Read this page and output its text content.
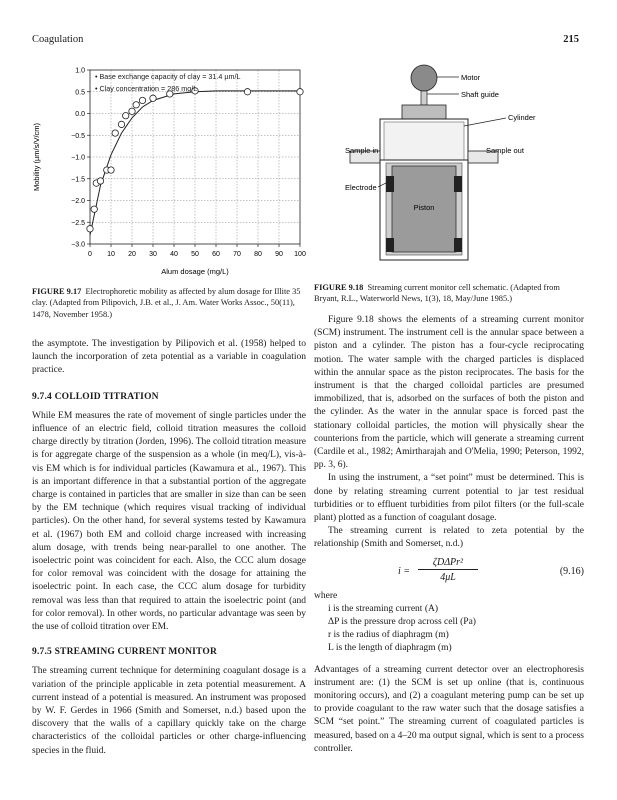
Coagulation	215
1.0
0.5
0.0
−0.5
−1.0
−1.5
−2.0
−2.5
−3.0
0 10 20 30 40 50 60 70 80 90 100
Mobility (µm/s/V/cm)
Alum dosage (mg/L)
• Base exchange capacity of clay = 31.4 µm/L
• Clay concentration = 286 mg/L
FIGURE 9.17 Electrophoretic mobility as affected by alum dosage for Illite 35 clay. (Adapted from Pilipovich, J.B. et al., J. Am. Water Works Assoc., 50(11), 1478, November 1958.)
Motor
Shaft guide
Cylinder
Sample in	Sample out
Electrode
Piston
FIGURE 9.18 Streaming current monitor cell schematic. (Adapted from Bryant, R.L., Waterworld News, 1(3), 18, May/June 1985.)

the asymptote. The investigation by Pilipovich et al. (1958) helped to launch the incorporation of zeta potential as a variable in coagulation practice.

9.7.4 COLLOID TITRATION

While EM measures the rate of movement of single particles under the influence of an electric field, colloid titration measures the colloid charge directly by titration (Jorden, 1996). The colloid titration measure is for aggregate charge of the suspension as a whole (in meq/L), vis-à-vis EM which is for individual particles (Kawamura et al., 1967). This is an important difference in that a substantial portion of the aggregate charge is contained in particles that are smaller in size than can be seen by the EM technique (which requires visual tracking of individual particles). On the other hand, for several systems tested by Kawamura et al. (1967) both EM and colloid charge increased with increasing alum dosage, with trends being near-parallel to one another. The isoelectric point was coincident for each. Also, the CCC alum dosage for color removal was coincident with the dosage for attaining the isoelectric point. In each case, the CCC alum dosage for turbidity removal was less than that required to attain the isoelectric point (and for color removal). In other words, no particular advantage was seen by the use of colloid titration over EM.

9.7.5 STREAMING CURRENT MONITOR

The streaming current technique for determining coagulant dosage is a variation of the principle applicable in zeta potential measurement. A current instead of a potential is measured. An instrument was proposed by W. F. Gerdes in 1966 (Smith and Somerset, n.d.) based upon the discovery that the walls of a capillary quickly take on the charge characteristics of the colloidal particles or other charge-influencing species in the fluid.

Figure 9.18 shows the elements of a streaming current monitor (SCM) instrument. The instrument cell is the annular space between a piston and a cylinder. The piston has a four-cycle reciprocating motion. The water sample with the charged particles is displaced within the annular space as the piston reciprocates. The basis for the instrument is that the charged colloidal particles are presumed immobilized, that is, adsorbed on the surfaces of both the piston and the cylinder. As the water in the annular space is forced past the stationary colloidal particles, the motion will physically shear the counterions from the particle, which will generate a streaming current (Cardile et al., 1982; Amirtharajah and O'Melia, 1990; Peterson, 1992, pp. 3, 6).

In using the instrument, a “set point” must be determined. This is done by relating streaming current potential to jar test residual turbidities or to effluent turbidities from pilot filters (or the full-scale plant) plotted as a function of coagulant dosage.

The streaming current is related to zeta potential by the relationship (Smith and Somerset, n.d.)

i =
ζDΔPr²
4μL
(9.16)

where

i is the streaming current (A)

ΔP is the pressure drop across cell (Pa)

r is the radius of diaphragm (m)

L is the length of diaphragm (m)

Advantages of a streaming current detector over an electrophoresis instrument are: (1) the SCM is set up online (that is, continuous monitoring occurs), and (2) a coagulant metering pump can be set up to provide coagulant to the raw water such that the dosage satisfies a SCM “set point.” The streaming current of coagulated particles is measured, based on a 4–20 ma output signal, which is sent to a process controller.
